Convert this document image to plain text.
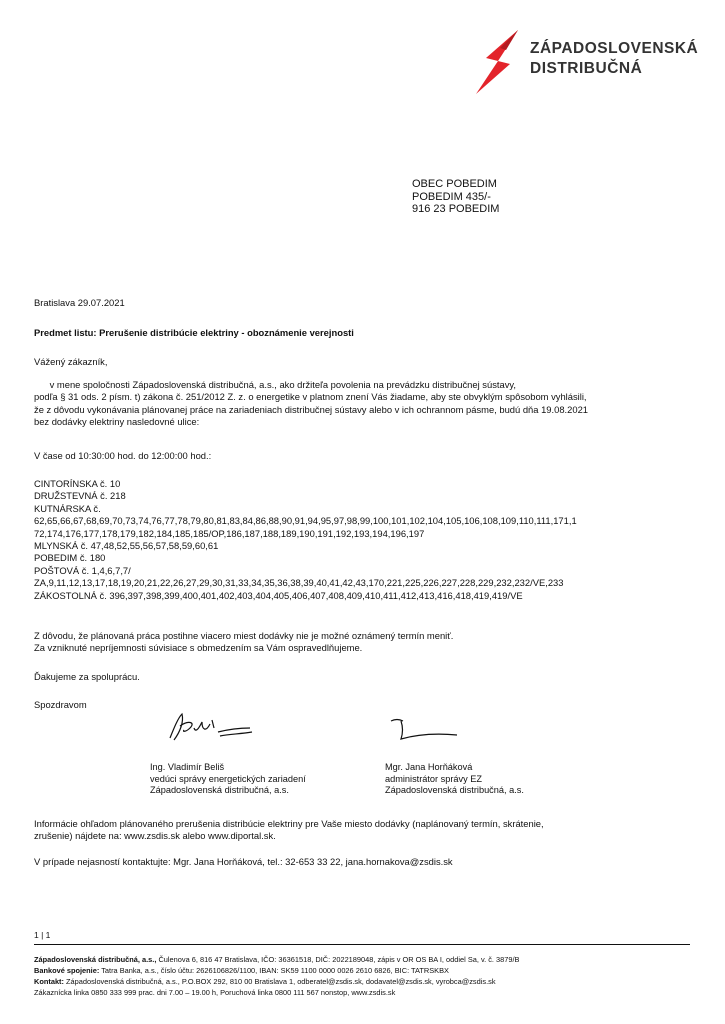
ZÁPADOSLOVENSKÁ
DISTRIBUČNÁ
OBEC POBEDIM
POBEDIM 435/-
916 23 POBEDIM
Bratislava 29.07.2021
Predmet listu: Prerušenie distribúcie elektriny - oboznámenie verejnosti
Vážený zákazník,
v mene spoločnosti Západoslovenská distribučná, a.s., ako držiteľa povolenia na prevádzku distribučnej sústavy,
podľa § 31 ods. 2 písm. t) zákona č. 251/2012 Z. z. o energetike v platnom znení Vás žiadame, aby ste obvyklým spôsobom vyhlásili,
že z dôvodu vykonávania plánovanej práce na zariadeniach distribučnej sústavy alebo v ich ochrannom pásme, budú dňa 19.08.2021
bez dodávky elektriny nasledovné ulice:
V čase od 10:30:00 hod. do 12:00:00 hod.:
CINTORÍNSKA č. 10
DRUŽSTEVNÁ č. 218
KUTNÁRSKA č.
62,65,66,67,68,69,70,73,74,76,77,78,79,80,81,83,84,86,88,90,91,94,95,97,98,99,100,101,102,104,105,106,108,109,110,111,171,1
72,174,176,177,178,179,182,184,185,185/OP,186,187,188,189,190,191,192,193,194,196,197
MLYNSKÁ č. 47,48,52,55,56,57,58,59,60,61
POBEDIM č. 180
POŠTOVÁ č. 1,4,6,7,7/
ZA,9,11,12,13,17,18,19,20,21,22,26,27,29,30,31,33,34,35,36,38,39,40,41,42,43,170,221,225,226,227,228,229,232,232/VE,233
ZÁKOSTOLNÁ č. 396,397,398,399,400,401,402,403,404,405,406,407,408,409,410,411,412,413,416,418,419,419/VE
Z dôvodu, že plánovaná práca postihne viacero miest dodávky nie je možné oznámený termín meniť.
Za vzniknuté nepríjemnosti súvisiace s obmedzením sa Vám ospravedlňujeme.
Ďakujeme za spoluprácu.
Spozdravom
Ing. Vladimír Beliš
vedúci správy energetických zariadení
Západoslovenská distribučná, a.s.
Mgr. Jana Horňáková
administrátor správy EZ
Západoslovenská distribučná, a.s.
Informácie ohľadom plánovaného prerušenia distribúcie elektriny pre Vaše miesto dodávky (naplánovaný termín, skrátenie,
zrušenie) nájdete na: www.zsdis.sk alebo www.diportal.sk.
V prípade nejasností kontaktujte: Mgr. Jana Horňáková, tel.: 32-653 33 22, jana.hornakova@zsdis.sk
1 | 1
Západoslovenská distribučná, a.s., Čulenova 6, 816 47 Bratislava, IČO: 36361518, DIČ: 2022189048, zápis v OR OS BA I, oddiel Sa, v. č. 3879/B
Bankové spojenie: Tatra Banka, a.s., číslo účtu: 2626106826/1100, IBAN: SK59 1100 0000 0026 2610 6826, BIC: TATRSKBX
Kontakt: Západoslovenská distribučná, a.s., P.O.BOX 292, 810 00 Bratislava 1, odberatel@zsdis.sk, dodavatel@zsdis.sk, vyrobca@zsdis.sk
Zákaznícka linka 0850 333 999 prac. dni 7.00 – 19.00 h, Poruchová linka 0800 111 567 nonstop, www.zsdis.sk
